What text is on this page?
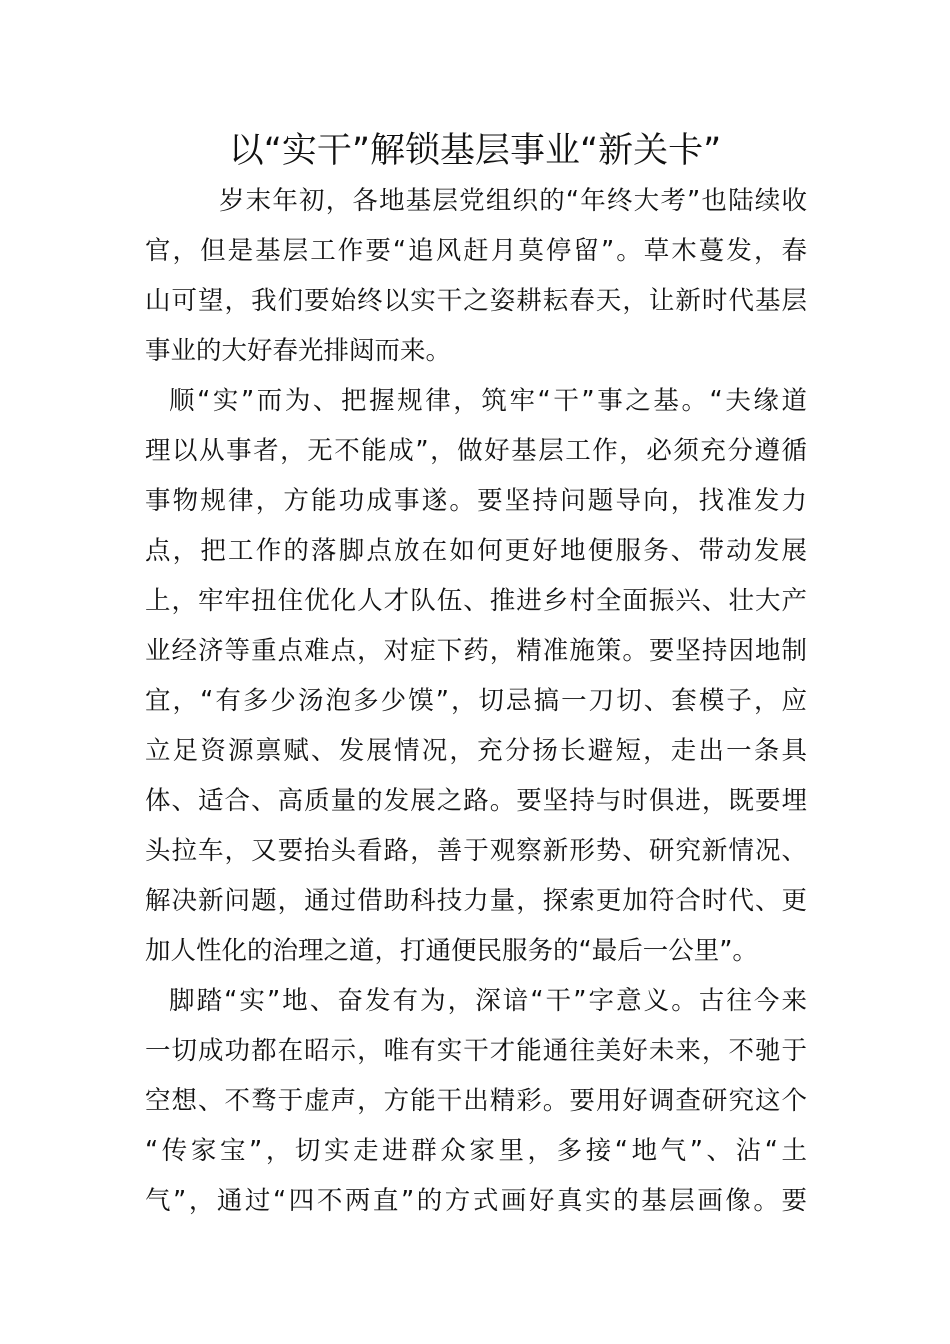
以“实干”解锁基层事业“新关卡”
岁末年初，各地基层党组织的“年终大考”也陆续收
官，但是基层工作要“追风赶月莫停留”。草木蔓发，春
山可望，我们要始终以实干之姿耕耘春天，让新时代基层
事业的大好春光排闼而来。
顺“实”而为、把握规律，筑牢“干”事之基。“夫缘道
理以从事者，无不能成”，做好基层工作，必须充分遵循
事物规律，方能功成事遂。要坚持问题导向，找准发力
点，把工作的落脚点放在如何更好地便服务、带动发展
上，牢牢扭住优化人才队伍、推进乡村全面振兴、壮大产
业经济等重点难点，对症下药，精准施策。要坚持因地制
宜，“有多少汤泡多少馍”，切忌搞一刀切、套模子，应
立足资源禀赋、发展情况，充分扬长避短，走出一条具
体、适合、高质量的发展之路。要坚持与时俱进，既要埋
头拉车，又要抬头看路，善于观察新形势、研究新情况、
解决新问题，通过借助科技力量，探索更加符合时代、更
加人性化的治理之道，打通便民服务的“最后一公里”。
脚踏“实”地、奋发有为，深谙“干”字意义。古往今来
一切成功都在昭示，唯有实干才能通往美好未来，不驰于
空想、不骛于虚声，方能干出精彩。要用好调查研究这个
“传家宝”，切实走进群众家里，多接“地气”、沾“土
气”，通过“四不两直”的方式画好真实的基层画像。要
